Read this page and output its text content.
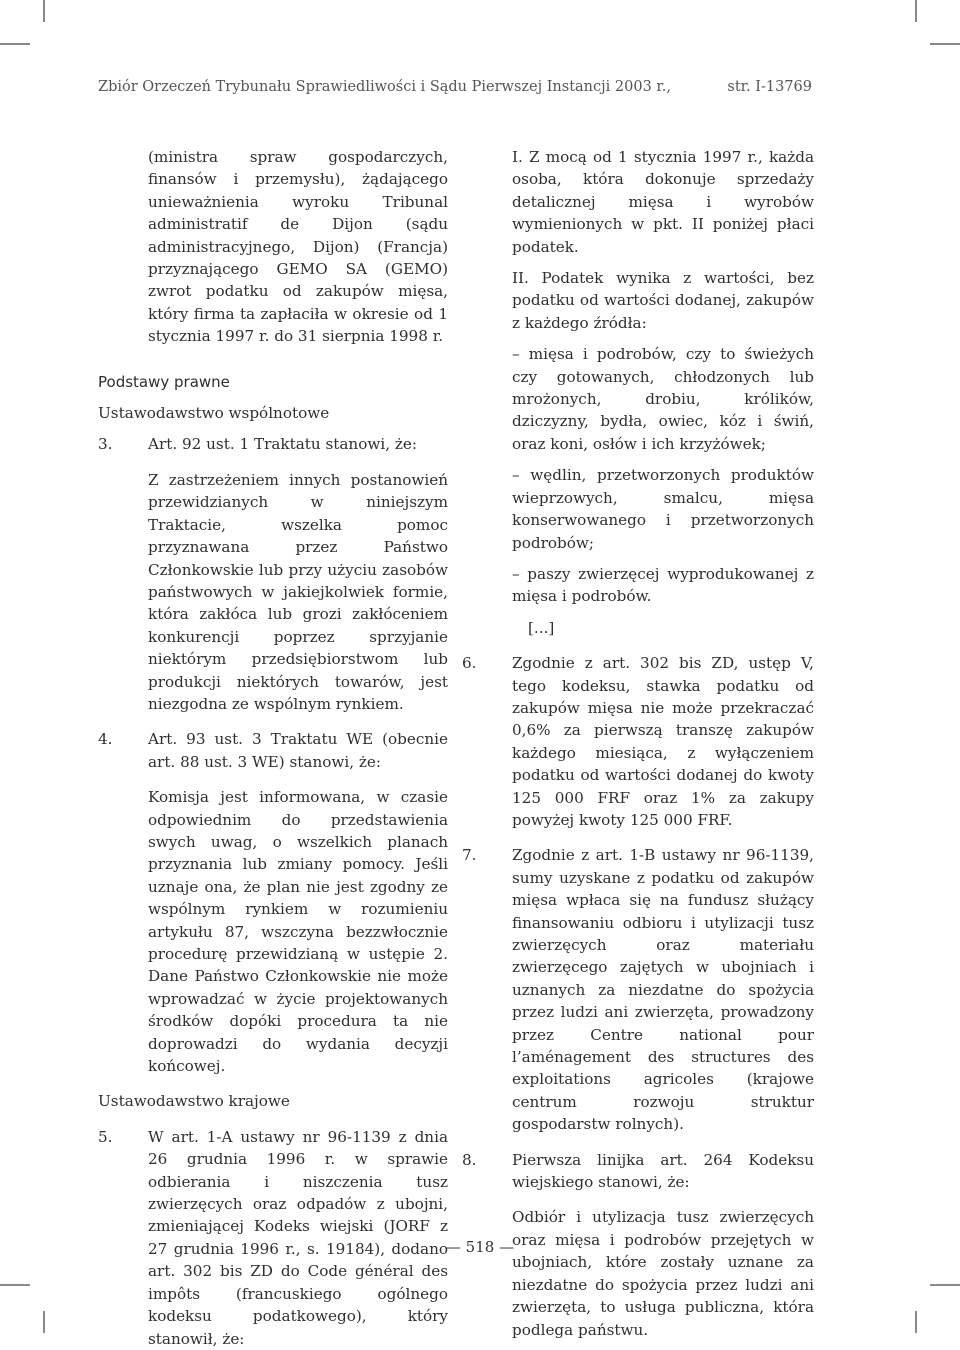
Zbiór Orzeczeń Trybunału Sprawiedliwości i Sądu Pierwszej Instancji 2003 r.,	str. I-13769

(ministra spraw gospodarczych, finansów i przemysłu), żądającego unieważnienia wyroku Tribunal administratif de Dijon (sądu administracyjnego, Dijon) (Francja) przyznającego GEMO SA (GEMO) zwrot podatku od zakupów mięsa, który firma ta zapłaciła w okresie od 1 stycznia 1997 r. do 31 sierpnia 1998 r.

Podstawy prawne

Ustawodawstwo wspólnotowe

3. Art. 92 ust. 1 Traktatu stanowi, że:

Z zastrzeżeniem innych postanowień przewidzianych w niniejszym Traktacie, wszelka pomoc przyznawana przez Państwo Członkowskie lub przy użyciu zasobów państwowych w jakiejkolwiek formie, która zakłóca lub grozi zakłóceniem konkurencji poprzez sprzyjanie niektórym przedsiębiorstwom lub produkcji niektórych towarów, jest niezgodna ze wspólnym rynkiem.

4. Art. 93 ust. 3 Traktatu WE (obecnie art. 88 ust. 3 WE) stanowi, że:

Komisja jest informowana, w czasie odpowiednim do przedstawienia swych uwag, o wszelkich planach przyznania lub zmiany pomocy. Jeśli uznaje ona, że plan nie jest zgodny ze wspólnym rynkiem w rozumieniu artykułu 87, wszczyna bezzwłocznie procedurę przewidzianą w ustępie 2. Dane Państwo Członkowskie nie może wprowadzać w życie projektowanych środków dopóki procedura ta nie doprowadzi do wydania decyzji końcowej.

Ustawodawstwo krajowe

5. W art. 1-A ustawy nr 96-1139 z dnia 26 grudnia 1996 r. w sprawie odbierania i niszczenia tusz zwierzęcych oraz odpadów z ubojni, zmieniającej Kodeks wiejski (JORF z 27 grudnia 1996 r., s. 19184), dodano art. 302 bis ZD do Code général des impôts (francuskiego ogólnego kodeksu podatkowego), który stanowił, że:

I. Z mocą od 1 stycznia 1997 r., każda osoba, która dokonuje sprzedaży detalicznej mięsa i wyrobów wymienionych w pkt. II poniżej płaci podatek.

II. Podatek wynika z wartości, bez podatku od wartości dodanej, zakupów z każdego źródła:

– mięsa i podrobów, czy to świeżych czy gotowanych, chłodzonych lub mrożonych, drobiu, królików, dziczyzny, bydła, owiec, kóz i świń, oraz koni, osłów i ich krzyżówek;

– wędlin, przetworzonych produktów wieprzowych, smalcu, mięsa konserwowanego i przetworzonych podrobów;

– paszy zwierzęcej wyprodukowanej z mięsa i podrobów.

[...]

6. Zgodnie z art. 302 bis ZD, ustęp V, tego kodeksu, stawka podatku od zakupów mięsa nie może przekraczać 0,6% za pierwszą transzę zakupów każdego miesiąca, z wyłączeniem podatku od wartości dodanej do kwoty 125 000 FRF oraz 1% za zakupy powyżej kwoty 125 000 FRF.
7. Zgodnie z art. 1-B ustawy nr 96-1139, sumy uzyskane z podatku od zakupów mięsa wpłaca się na fundusz służący finansowaniu odbioru i utylizacji tusz zwierzęcych oraz materiału zwierzęcego zajętych w ubojniach i uznanych za niezdatne do spożycia przez ludzi ani zwierzęta, prowadzony przez Centre national pour l’aménagement des structures des exploitations agricoles (krajowe centrum rozwoju struktur gospodarstw rolnych).
8. Pierwsza linijka art. 264 Kodeksu wiejskiego stanowi, że:

Odbiór i utylizacja tusz zwierzęcych oraz mięsa i podrobów przejętych w ubojniach, które zostały uznane za niezdatne do spożycia przez ludzi ani zwierzęta, to usługa publiczna, która podlega państwu.

— 518 —
